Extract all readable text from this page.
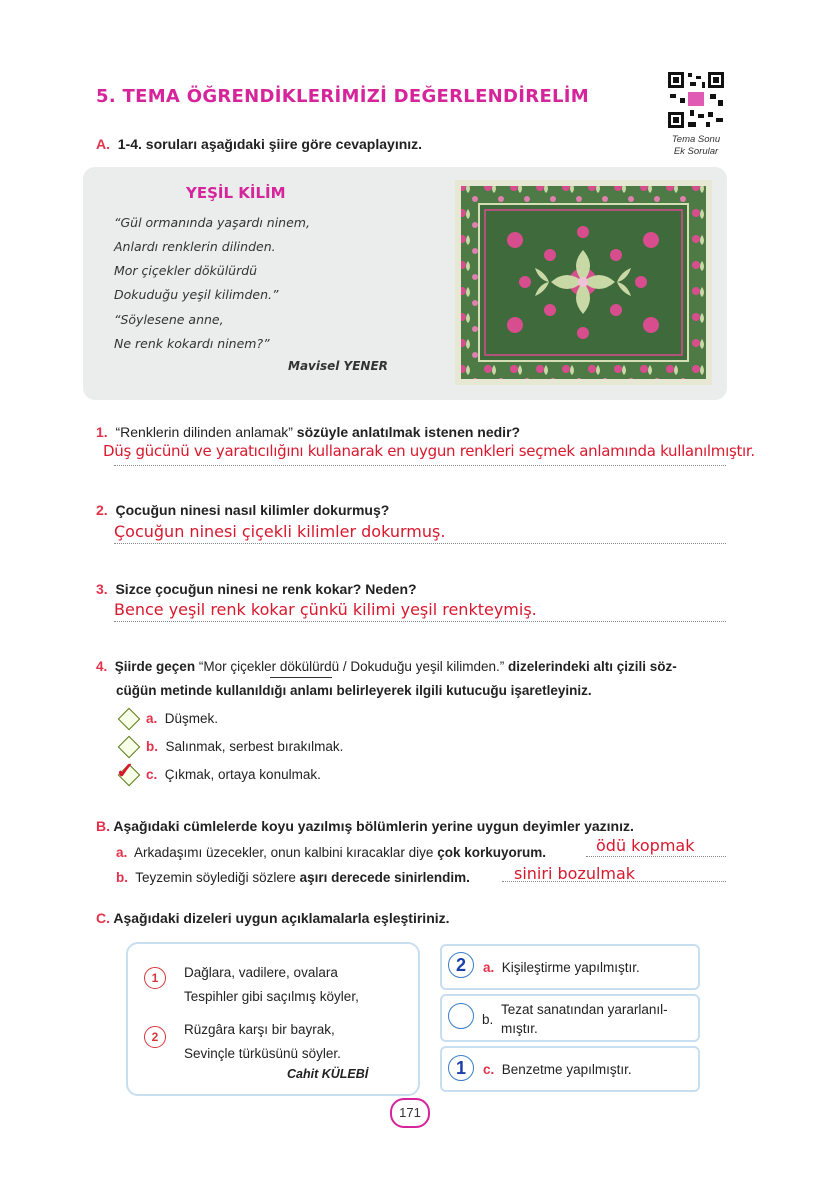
5. TEMA ÖĞRENDİKLERİMİZİ DEĞERLENDİRELİM
Tema Sonu
Ek Sorular
A. 1-4. soruları aşağıdaki şiire göre cevaplayınız.
YEŞİL KİLİM
“Gül ormanında yaşardı ninem,
Anlardı renklerin dilinden.
Mor çiçekler dökülürdü
Dokuduğu yeşil kilimden.”
“Söylesene anne,
Ne renk kokardı ninem?”
Mavisel YENER
1. “Renklerin dilinden anlamak” sözüyle anlatılmak istenen nedir?
Düş gücünü ve yaratıcılığını kullanarak en uygun renkleri seçmek anlamında kullanılmıştır.
2. Çocuğun ninesi nasıl kilimler dokurmuş?
Çocuğun ninesi çiçekli kilimler dokurmuş.
3. Sizce çocuğun ninesi ne renk kokar? Neden?
Bence yeşil renk kokar çünkü kilimi yeşil renkteymiş.
4. Şiirde geçen “Mor çiçekler dökülürdü / Dokuduğu yeşil kilimden.” dizelerindeki altı çizili söz-
cüğün metinde kullanıldığı anlamı belirleyerek ilgili kutucuğu işaretleyiniz.
a. Düşmek.
b. Salınmak, serbest bırakılmak.
✓ c. Çıkmak, ortaya konulmak.
B. Aşağıdaki cümlelerde koyu yazılmış bölümlerin yerine uygun deyimler yazınız.
a. Arkadaşımı üzecekler, onun kalbini kıracaklar diye çok korkuyorum.	ödü kopmak
b. Teyzemin söylediği sözlere aşırı derecede sinirlendim.	siniri bozulmak
C. Aşağıdaki dizeleri uygun açıklamalarla eşleştiriniz.
1	Dağlara, vadilere, ovalara
Tespihler gibi saçılmış köyler,
2	Rüzgâra karşı bir bayrak,
Sevinçle türküsünü söyler.
Cahit KÜLEBİ
2	a. Kişileştirme yapılmıştır.
b.
Tezat sanatından yararlanıl-
mıştır.
1	c. Benzetme yapılmıştır.
171
